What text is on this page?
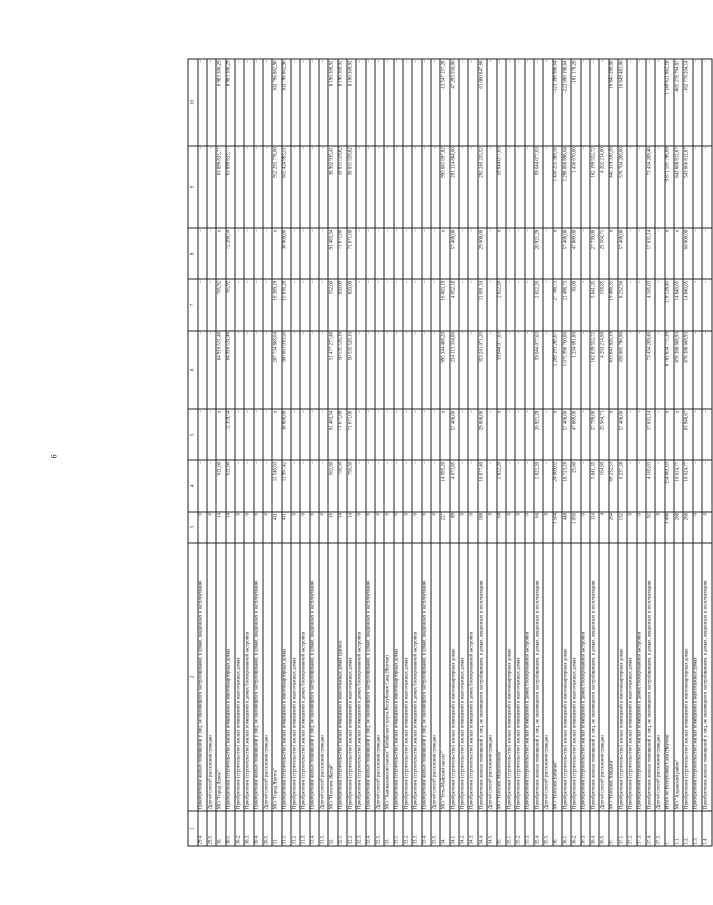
6
1	2	3	4	5	6	7	8	9	10
29.4.	Приобретение жилых помещений у лиц, не являющихся застройщиками, в домах, введенных в эксплуатацию	0	-	-	-	-	-	-	-
29.5.	Другой способ расселения граждан	0	-	-	-	-	-	-	-
30.	МО "Город Ленек"	14	621,60	x	64 916 531,48	765,92	x	63 899 833,77	8 983 306,29
30.1.	Приобретение (строительство) жилых помещений в многоквартирных домах	14	621,60	72 359,54	64 916 531,48	765,92	72 269,54	63 899 833,77	8 983 306,29
30.2.	Приобретение (строительство) жилых помещений в малоэтажных домах	0	-	-	-	-	-	-	-
30.3.	Приобретение (строительство) жилых помещений в домах блокированной застройки	0	-	-	-	-	-	-	-
30.4.	Приобретение жилых помещений у лиц, не являющихся застройщиками, в домах, введенных в эксплуатацию	0	-	-	-	-	-	-	-
30.5.	Другой способ расселения граждан	0	-	-	-	-	-	-	-
31.	МО "Город Якутск"	411	11 540,03	x	207 734 868,04	16 389,19	x	912 292 778,00	103 796 862,96
31.1.	Приобретение (строительство) жилых помещений в многоквартирных домах	411	11 997,42	38 868,00	366 661 030,56	15 836,20	38 868,00	855 424 993,51	103 796 862,96
31.2.	Приобретение (строительство) жилых помещений в малоэтажных домах	0	-	-	-	-	-	-	-
31.3.	Приобретение (строительство) жилых помещений в домах блокированной застройки	0	-	-	-	-	-	-	-
31.4.	Приобретение жилых помещений у лиц, не являющихся застройщиками, в домах, введенных в эксплуатацию	0	-	-	-	-	-	-	-
31.5.	Другой способ расселения граждан	0	-	-	-	-	-	-	-
32.	МО "Поселок Жатай"	16	562,60	91 483,34	51 477 277,48	552,00	91 483,34	38 902 935,41	8 190 369,92
32.1.	Приобретение (строительство) жилых помещений в малоэтажных домах (район)	14	756,50	71 671,00	50 535 526,10	820,00	71 671,00	58 831 559,82	8 190 369,92
32.2.	Приобретение (строительство) жилых помещений в малоэтажных домах	14	756,50	71 671,00	50 535 526,10	820,00	71 671,00	58 831 559,82	8 190 369,92
32.3.	Приобретение (строительство) жилых помещений в домах блокированной застройки	0	-	-	-	-	-	-	-
32.4.	Приобретение жилых помещений у лиц, не являющихся застройщиками, в домах, введенных в эксплуатацию	0	-	-	-	-	-	-	-
32.5.	Другой способ расселения граждан	0	-	-	-	-	-	-	-
33.	МО "Ханчылыкский наслег" Кобяйского улуса Республики Саха (Якутия)	0	-	-	-	-	-	-	-
33.1.	Приобретение (строительство) жилых помещений в многоквартирных домах	0	-	-	-	-	-	-	-
33.2.	Приобретение (строительство) жилых помещений в малоэтажных домах	0	-	-	-	-	-	-	-
33.3.	Приобретение (строительство) жилых помещений в домах блокированной застройки	0	-	-	-	-	-	-	-
33.4.	Приобретение жилых помещений у лиц, не являющихся застройщиками, в домах, введенных в эксплуатацию	0	-	-	-	-	-	-	-
33.5.	Другой способ расселения граждан	0	-	-	-	-	-	-	-
34.	МО "Усть-Майский наслег"	227	14 095,20	x	995 344 468,20	16 803,19	x	993 681 697,82	-13 547 157,28
34.1.	Приобретение (строительство) жилых помещений в многоквартирных домах	89	4 073,85	57 468,00	234 113 334,00	4 052,18	57 468,00	291 124 884,00	47 293 550,00
34.2.	Приобретение (строительство) жилых помещений в малоэтажных домах	0	-	-	-	-	-	-	-
34.3.	Приобретение (строительство) жилых помещений в домах блокированной застройки	0	-	-	-	-	-	-	-
34.4.	Приобретение жилых помещений у лиц, не являющихся застройщиками, в домах, введенных в эксплуатацию	188	10 877,40	29 068,00	353 241 071,20	11 691,10	29 008,00	292 240 233,52	61 000 847,68
34.5.	Другой способ расселения граждан	0	-	-	-	-	-	-	-
35.	МО "Поселок Мохсоголлох"	64	2 822,20	x	59 044 077,03	2 822,20	x	59 044 077,03	-
35.1.	Приобретение (строительство) жилых помещений в многоквартирных домах	0	-	-	-	-	-	-	-
35.2.	Приобретение (строительство) жилых помещений в малоэтажных домах	0	-	-	-	-	-	-	-
35.3.	Приобретение (строительство) жилых помещений в домах блокированной застройки	0	-	-	-	-	-	-	-
35.4.	Приобретение жилых помещений у лиц, не являющихся застройщиками, в домах, введенных в эксплуатацию	64	2 822,20	20 921,29	59 044 077,03	2 822,20	20 921,29	59 044 077,03	-
35.5.	Другой способ расселения граждан	0	-	-	-	-	-	-	-
36.	МО "Поселок Батагай"	1 504	24 009,62	x	1 209 291 285,67	27 786,75	x	1 410 255 389,56	-123 398 986,64
36.1.	Приобретение (строительство) жилых помещений в многоквартирных домах	448	18 723,26	57 468,00	1 075 990 700,00	21 498,75	57 468,00	1 298 086 898,64	-222 096 198,64
36.2.	Приобретение (строительство) жилых помещений в малоэтажных домах	1 056	25,60	47 889,00	1 234 691,80	30,00	47 889,00	1 436 670,00	-181 178,20
36.3.	Приобретение (строительство) жилых помещений в домах блокированной застройки	0	-	-	-	-	-	-	-
36.4.	Приобретение жилых помещений у лиц, не являющихся застройщиками, в домах, введенных в эксплуатацию	114	5 841,35	27 799,00	162 039 552,72	5 841,35	27 739,00	162 199 552,72	-
36.5.	Другой способ расселения граждан	4	164,60	25 564,71	4 202 214,00	158,85	25 564,71	4 202 214,00	-
37.	МО "Поселок Хандыга"	264	69 232,53	x	433 643 826,19	19 486,35	x	445 319 336,26	16 845 280,00
37.1.	Приобретение (строительство) жилых помещений в многоквартирных домах	132	6 237,28	57 468,00	358 065 796,90	8 232,56	57 468,00	578 704 200,00	16 649 481,00
37.2.	Приобретение (строительство) жилых помещений в малоэтажных домах	0	-	-	-	-	-	-	-
37.3.	Приобретение (строительство) жилых помещений в домах блокированной застройки	0	-	-	-	-	-	-	-
37.4.	Приобретение жилых помещений у лиц, не являющихся застройщиками, в домах, введенных в эксплуатацию	92	4 165,03	17 631,14	73 434 209,46	4 165,03	17 631,14	73 434 209,46	-
37.5.	Другой способ расселения граждан	0	-	-	-	-	-	-	-
1.	Итого по Республике Саха (Якутия)	3 498	154 061,63	x	8 781 834 775,39	179 128,45	x	9 871 591 796,09	1 149 621 862,18
1.1.	МО "Алданский район"	268	10 624,77	x	878 388 608,93	14 840,05	x	843 668 812,87	-865 278 794,87
1.2.	Приобретение (строительство) жилых помещений в многоквартирных домах	268	10 624,77	63 948,67	878 388 608,93	14 840,05	60 000,00	543 666 812,87	-162 778 204,14
1.3.	Приобретение (строительство) жилых помещений в малоэтажных домах	0	-	-	-	-	-	-	-
1.4.	Приобретение жилых помещений у лиц, не являющихся застройщиками, в домах, введенных в эксплуатацию	0	-	-	-	-	-	-	-
